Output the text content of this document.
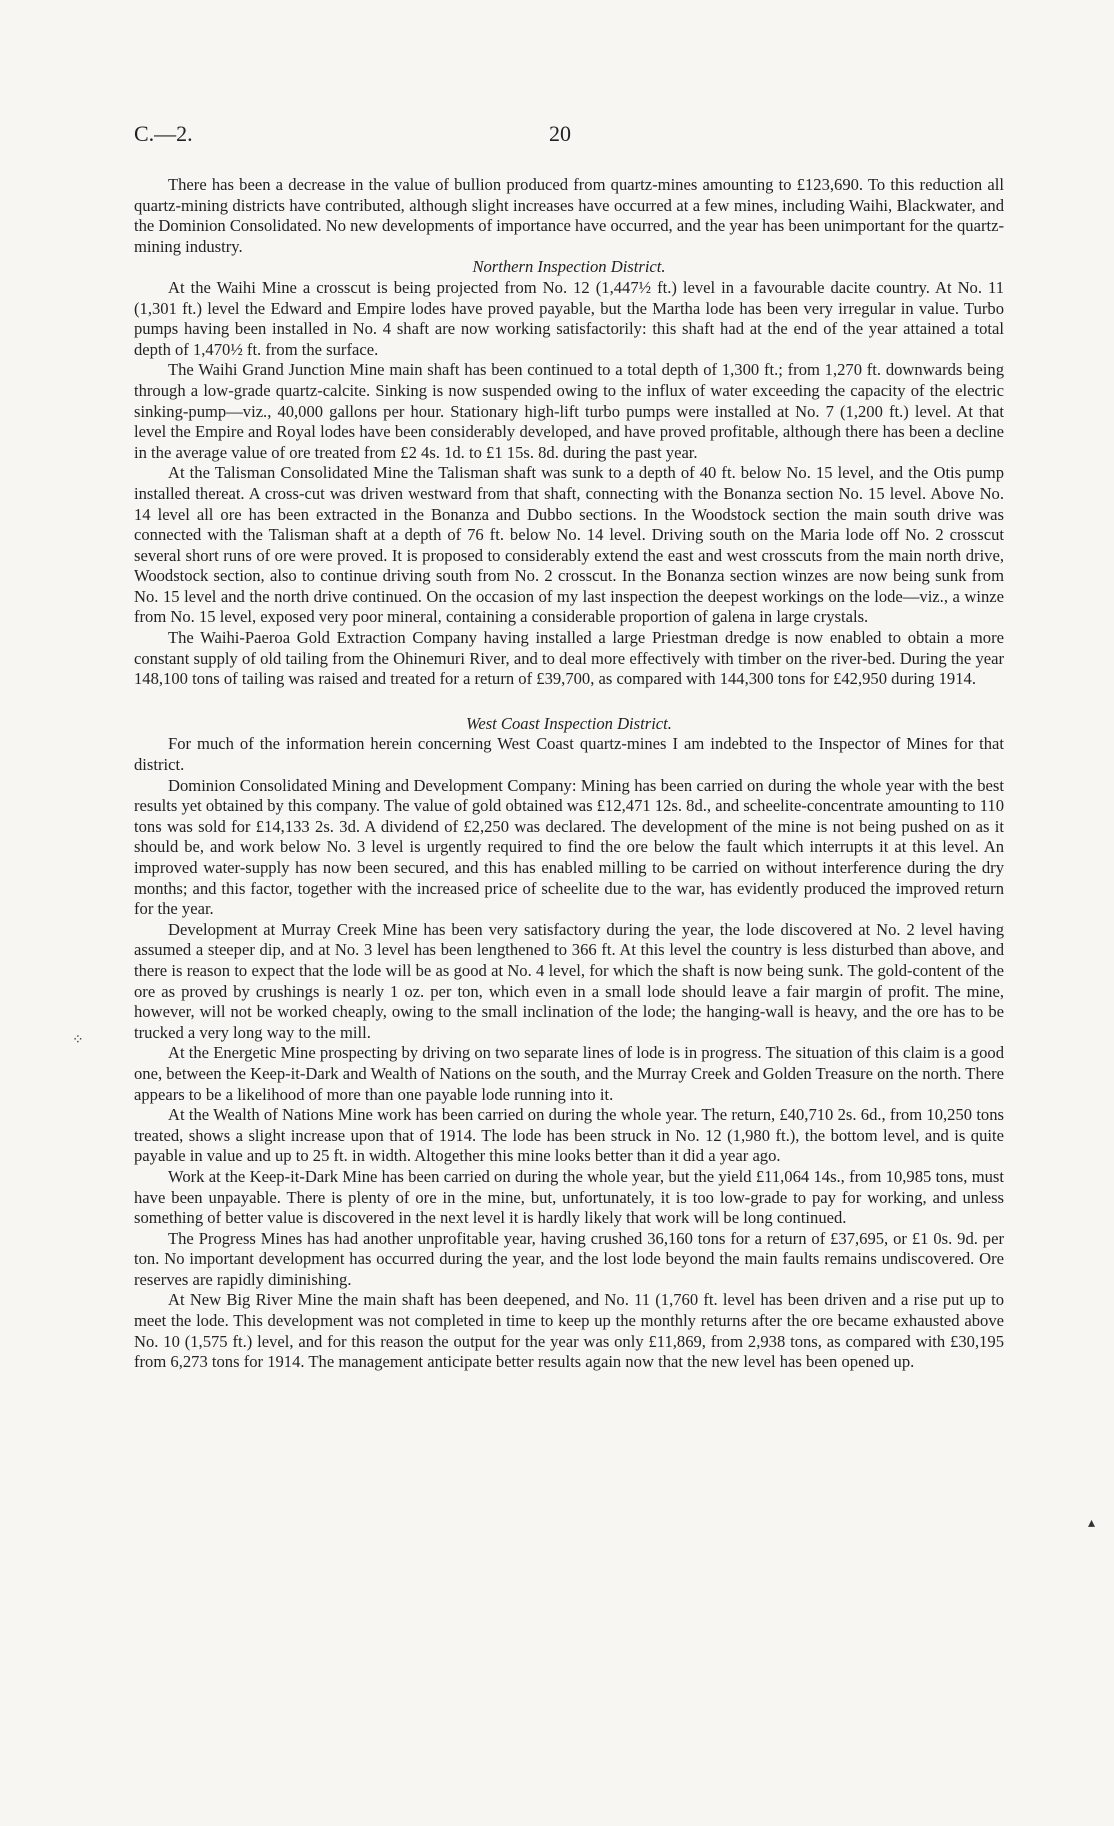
C.—2.	20
⁘
▴

There has been a decrease in the value of bullion produced from quartz-mines amounting to £123,690. To this reduction all quartz-mining districts have contributed, although slight increases have occurred at a few mines, including Waihi, Blackwater, and the Dominion Consolidated. No new developments of importance have occurred, and the year has been unimportant for the quartz-mining industry.

Northern Inspection District.

At the Waihi Mine a crosscut is being projected from No. 12 (1,447½ ft.) level in a favourable dacite country. At No. 11 (1,301 ft.) level the Edward and Empire lodes have proved payable, but the Martha lode has been very irregular in value. Turbo pumps having been installed in No. 4 shaft are now working satisfactorily: this shaft had at the end of the year attained a total depth of 1,470½ ft. from the surface.

The Waihi Grand Junction Mine main shaft has been continued to a total depth of 1,300 ft.; from 1,270 ft. downwards being through a low-grade quartz-calcite. Sinking is now suspended owing to the influx of water exceeding the capacity of the electric sinking-pump—viz., 40,000 gallons per hour. Stationary high-lift turbo pumps were installed at No. 7 (1,200 ft.) level. At that level the Empire and Royal lodes have been considerably developed, and have proved profitable, although there has been a decline in the average value of ore treated from £2 4s. 1d. to £1 15s. 8d. during the past year.

At the Talisman Consolidated Mine the Talisman shaft was sunk to a depth of 40 ft. below No. 15 level, and the Otis pump installed thereat. A cross-cut was driven westward from that shaft, connecting with the Bonanza section No. 15 level. Above No. 14 level all ore has been extracted in the Bonanza and Dubbo sections. In the Woodstock section the main south drive was connected with the Talisman shaft at a depth of 76 ft. below No. 14 level. Driving south on the Maria lode off No. 2 crosscut several short runs of ore were proved. It is proposed to considerably extend the east and west crosscuts from the main north drive, Woodstock section, also to continue driving south from No. 2 crosscut. In the Bonanza section winzes are now being sunk from No. 15 level and the north drive continued. On the occasion of my last inspection the deepest workings on the lode—viz., a winze from No. 15 level, exposed very poor mineral, containing a considerable proportion of galena in large crystals.

The Waihi-Paeroa Gold Extraction Company having installed a large Priestman dredge is now enabled to obtain a more constant supply of old tailing from the Ohinemuri River, and to deal more effectively with timber on the river-bed. During the year 148,100 tons of tailing was raised and treated for a return of £39,700, as compared with 144,300 tons for £42,950 during 1914.

West Coast Inspection District.

For much of the information herein concerning West Coast quartz-mines I am indebted to the Inspector of Mines for that district.

Dominion Consolidated Mining and Development Company: Mining has been carried on during the whole year with the best results yet obtained by this company. The value of gold obtained was £12,471 12s. 8d., and scheelite-concentrate amounting to 110 tons was sold for £14,133 2s. 3d. A dividend of £2,250 was declared. The development of the mine is not being pushed on as it should be, and work below No. 3 level is urgently required to find the ore below the fault which interrupts it at this level. An improved water-supply has now been secured, and this has enabled milling to be carried on without interference during the dry months; and this factor, together with the increased price of scheelite due to the war, has evidently produced the improved return for the year.

Development at Murray Creek Mine has been very satisfactory during the year, the lode discovered at No. 2 level having assumed a steeper dip, and at No. 3 level has been lengthened to 366 ft. At this level the country is less disturbed than above, and there is reason to expect that the lode will be as good at No. 4 level, for which the shaft is now being sunk. The gold-content of the ore as proved by crushings is nearly 1 oz. per ton, which even in a small lode should leave a fair margin of profit. The mine, however, will not be worked cheaply, owing to the small inclination of the lode; the hanging-wall is heavy, and the ore has to be trucked a very long way to the mill.

At the Energetic Mine prospecting by driving on two separate lines of lode is in progress. The situation of this claim is a good one, between the Keep-it-Dark and Wealth of Nations on the south, and the Murray Creek and Golden Treasure on the north. There appears to be a likelihood of more than one payable lode running into it.

At the Wealth of Nations Mine work has been carried on during the whole year. The return, £40,710 2s. 6d., from 10,250 tons treated, shows a slight increase upon that of 1914. The lode has been struck in No. 12 (1,980 ft.), the bottom level, and is quite payable in value and up to 25 ft. in width. Altogether this mine looks better than it did a year ago.

Work at the Keep-it-Dark Mine has been carried on during the whole year, but the yield £11,064 14s., from 10,985 tons, must have been unpayable. There is plenty of ore in the mine, but, unfortunately, it is too low-grade to pay for working, and unless something of better value is discovered in the next level it is hardly likely that work will be long continued.

The Progress Mines has had another unprofitable year, having crushed 36,160 tons for a return of £37,695, or £1 0s. 9d. per ton. No important development has occurred during the year, and the lost lode beyond the main faults remains undiscovered. Ore reserves are rapidly diminishing.

At New Big River Mine the main shaft has been deepened, and No. 11 (1,760 ft. level has been driven and a rise put up to meet the lode. This development was not completed in time to keep up the monthly returns after the ore became exhausted above No. 10 (1,575 ft.) level, and for this reason the output for the year was only £11,869, from 2,938 tons, as compared with £30,195 from 6,273 tons for 1914. The management anticipate better results again now that the new level has been opened up.
